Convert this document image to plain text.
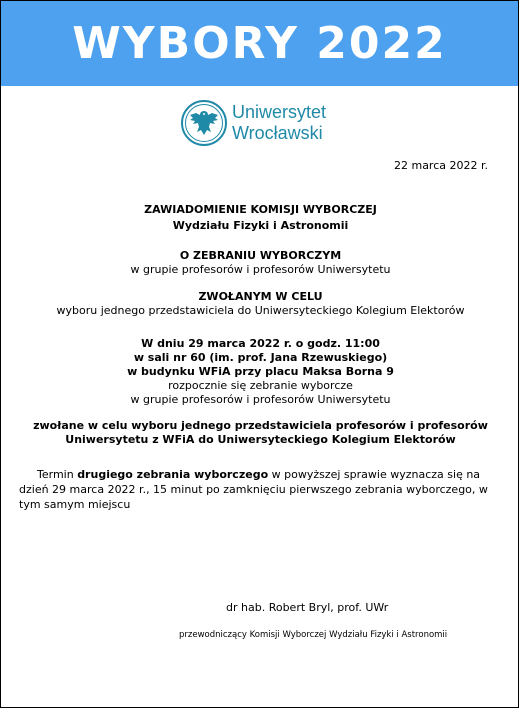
WYBORY 2022
Uniwersytet
Wrocławski
22 marca 2022 r.
ZAWIADOMIENIE KOMISJI WYBORCZEJ
Wydziału Fizyki i Astronomii
O ZEBRANIU WYBORCZYM
w grupie profesorów i profesorów Uniwersytetu
ZWOŁANYM W CELU
wyboru jednego przedstawiciela do Uniwersyteckiego Kolegium Elektorów
W dniu 29 marca 2022 r. o godz. 11:00
w sali nr 60 (im. prof. Jana Rzewuskiego)
w budynku WFiA przy placu Maksa Borna 9
rozpocznie się zebranie wyborcze
w grupie profesorów i profesorów Uniwersytetu
zwołane w celu wyboru jednego przedstawiciela profesorów i profesorów
Uniwersytetu z WFiA do Uniwersyteckiego Kolegium Elektorów
Termin drugiego zebrania wyborczego w powyższej sprawie wyznacza się na dzień 29 marca 2022 r., 15 minut po zamknięciu pierwszego zebrania wyborczego, w tym samym miejscu
dr hab. Robert Bryl, prof. UWr
przewodniczący Komisji Wyborczej Wydziału Fizyki i Astronomii
